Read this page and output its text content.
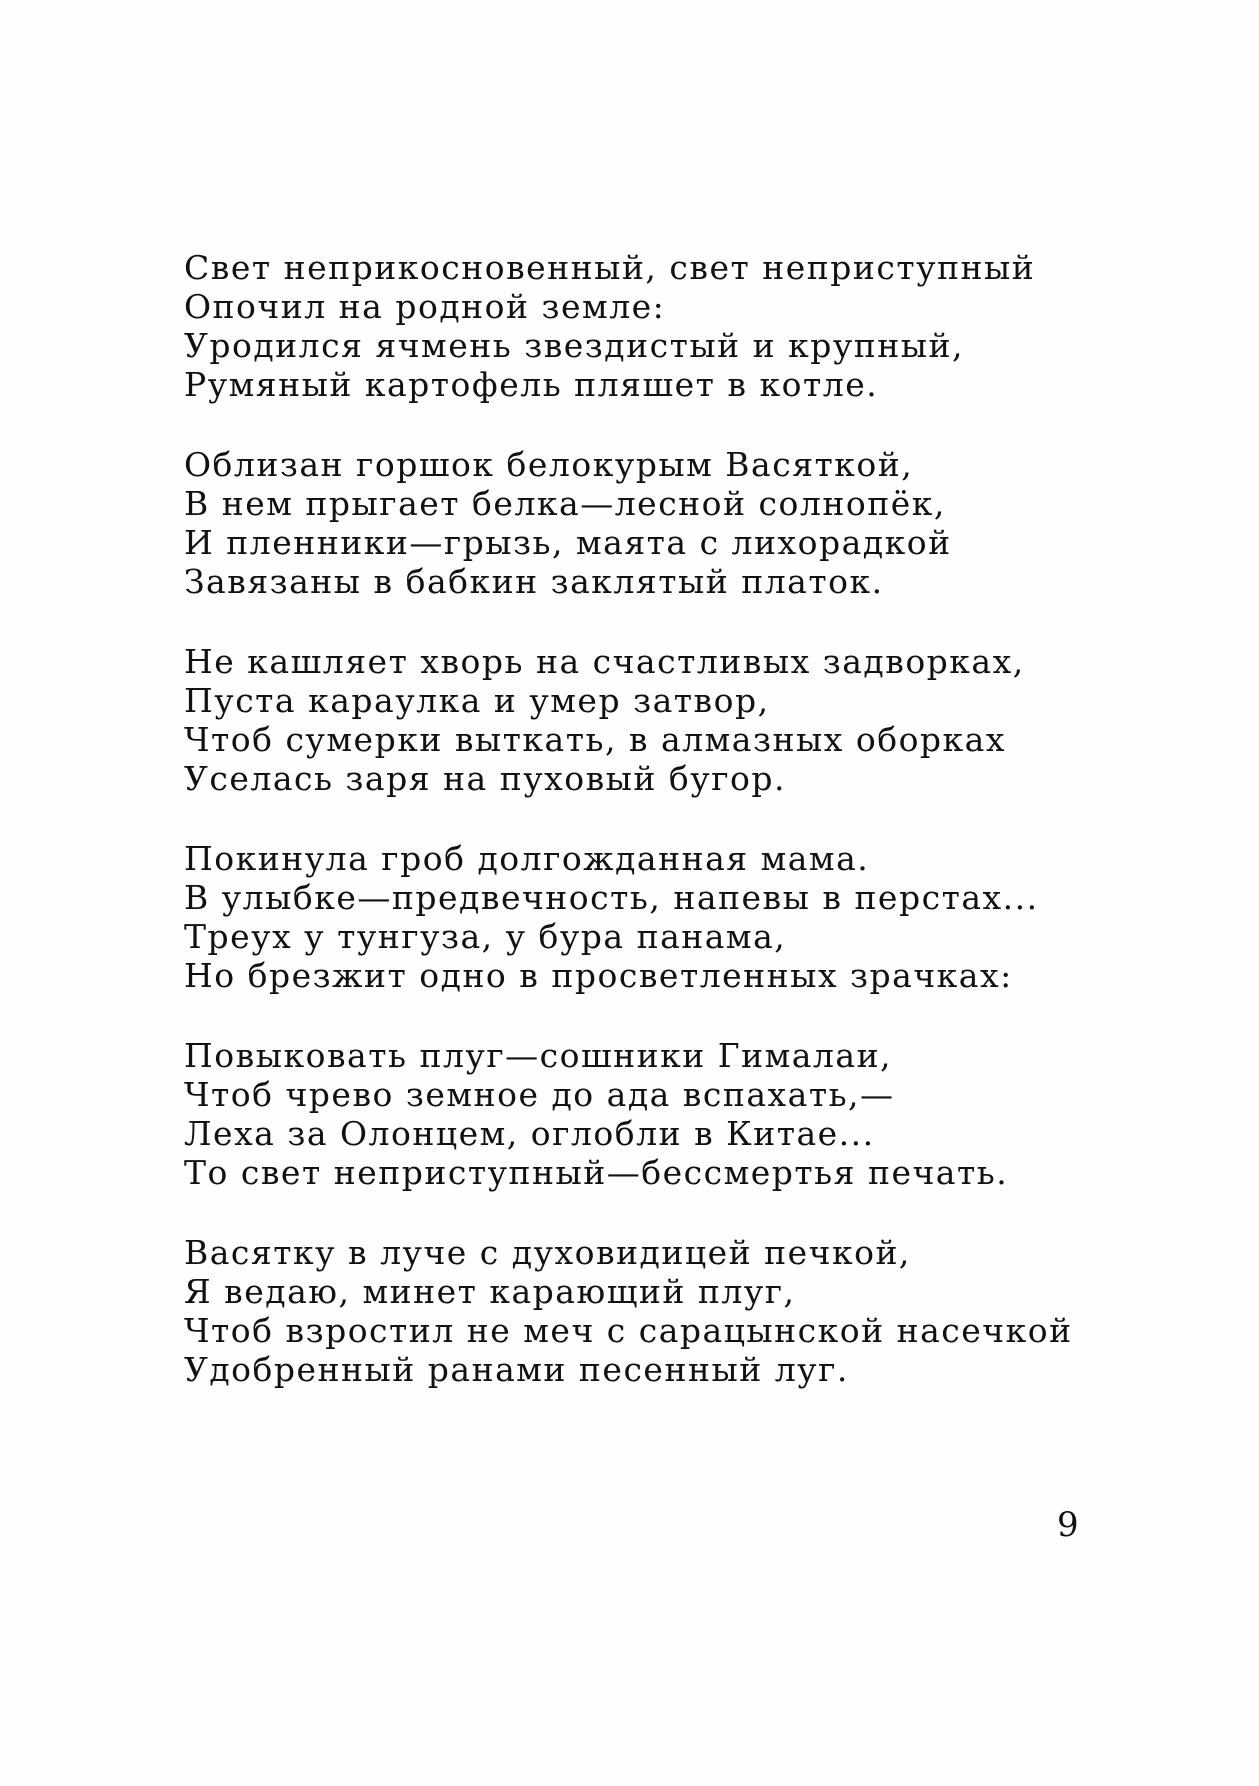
Свет неприкосновенный, свет неприступный
Опочил на родной земле:
Уродился ячмень звездистый и крупный,
Румяный картофель пляшет в котле.
Облизан горшок белокурым Васяткой,
В нем прыгает белка—лесной солнопёк,
И пленники—грызь, маята с лихорадкой
Завязаны в бабкин заклятый платок.
Не кашляет хворь на счастливых задворках,
Пуста караулка и умер затвор,
Чтоб сумерки выткать, в алмазных оборках
Уселась заря на пуховый бугор.
Покинула гроб долгожданная мама.
В улыбке—предвечность, напевы в перстах...
Треух у тунгуза, у бура панама,
Но брезжит одно в просветленных зрачках:
Повыковать плуг—сошники Гималаи,
Чтоб чрево земное до ада вспахать,—
Леха за Олонцем, оглобли в Китае...
То свет неприступный—бессмертья печать.
Васятку в луче с духовидицей печкой,
Я ведаю, минет карающий плуг,
Чтоб взростил не меч с сарацынской насечкой
Удобренный ранами песенный луг.
9
